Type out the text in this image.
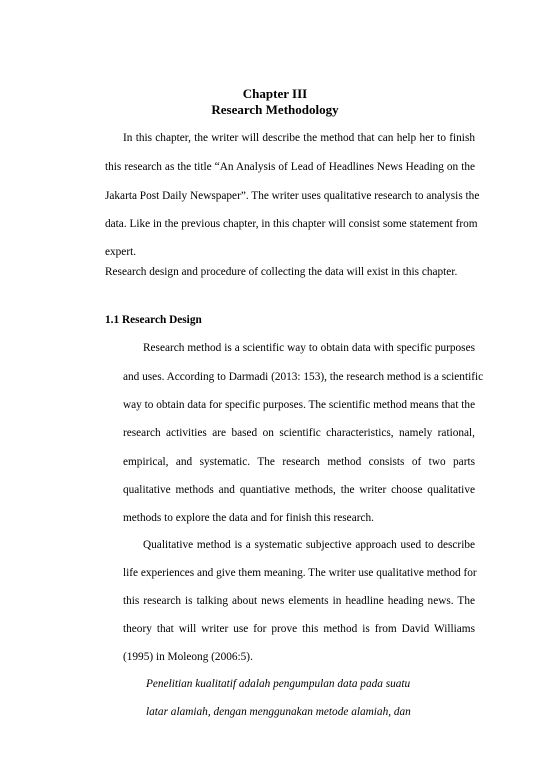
Chapter III
Research Methodology
In this chapter, the writer will describe the method that can help her to finish
this research as the title “An Analysis of Lead of Headlines News Heading on the
Jakarta Post Daily Newspaper”. The writer uses qualitative research to analysis the
data. Like in the previous chapter, in this chapter will consist some statement from
expert.
Research design and procedure of collecting the data will exist in this chapter.
1.1 Research Design
Research method is a scientific way to obtain data with specific purposes
and uses. According to Darmadi (2013: 153), the research method is a scientific
way to obtain data for specific purposes. The scientific method means that the
research activities are based on scientific characteristics, namely rational,
empirical, and systematic. The research method consists of two parts
qualitative methods and quantiative methods, the writer choose qualitative
methods to explore the data and for finish this research.
Qualitative method is a systematic subjective approach used to describe
life experiences and give them meaning. The writer use qualitative method for
this research is talking about news elements in headline heading news. The
theory that will writer use for prove this method is from David Williams
(1995) in Moleong (2006:5).
Penelitian kualitatif adalah pengumpulan data pada suatu
latar alamiah, dengan menggunakan metode alamiah, dan
